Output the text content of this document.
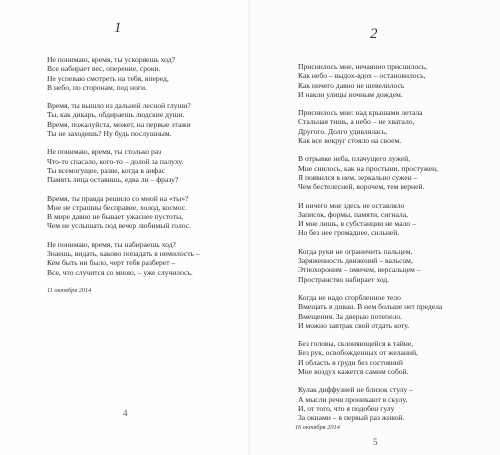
1
Не понимаю, время, ты ускоряешь ход?
Все набирает вес, оперение, сроки.
Не успеваю смотреть на тебя, вперед,
В небо, по сторонам, под ноги.
Время, ты вышло из дальней лесной глуши?
Ты, как дикарь, обдираешь людские души.
Время, пожалуйста, может, на первые этажи
Ты не заходишь? Ну будь послушным.
Не понимаю, время, ты столько раз
Что-то спасало, кого-то – долой за палуху.
Ты всемогущее, разве, когда в анфас
Память лица оставишь, едва ли – фразу?
Время, ты правда решило со мной на «ты»?
Мне не страшны бесправие, холод, космос.
В мире давно не бывает ужаснее пустоты,
Чем не услышать под вечер любимый голос.
Не понимаю, время, ты набираешь ход?
Знаешь, видать, каково попадать в немилость –
Кем быть ни было, черт тебя разберет –
Все, что случится со мною, – уже случилось.
11 октября 2014
4
2
Приснилось мне, нечаянно приснилось,
Как небо – выдох-вдох – остановилось,
Как ничего давно не шевелилось
И накли улицы ночным дождем.
Приснилось мне: над крышами летала
Стальная тишь, а небо – не хватало,
Другого. Долго удивлялась,
Как все вокруг стояло на своем.
В отрывке неба, плачущего лужей,
Мне снилось, как на простыни, простужен,
Я появился в нем, зеркально сужен –
Чем бестелесней, ворочем, тем верней.
И ничего мне здесь не оставляло
Записок, формы, памяти, сигнала,
И мне лишь, в субстанции не мало –
Но без нее громаднее, сильней.
Когда руки не ограничить пальцем,
Заряженность движений – вальсом,
Этнохороним – омичем, версальцем –
Пространство набирает ход.
Когда не надо сгорбленное тело
Вмещать в диван. В нем больше нет предела
Вмещения. За дверью потепело.
И можно завтрак свой отдать коту.
Без головы, склоняющейся к тайне,
Без рук, освобожденных от желаний,
И область в груди без состояний
Мне воздух кажется самим собой.
Кулак диффузией не близок стулу –
А мысли речи проникают в скулу,
И, от того, что я подобен гулу
За окнами – в первый раз живой.
16 октября 2014
5
